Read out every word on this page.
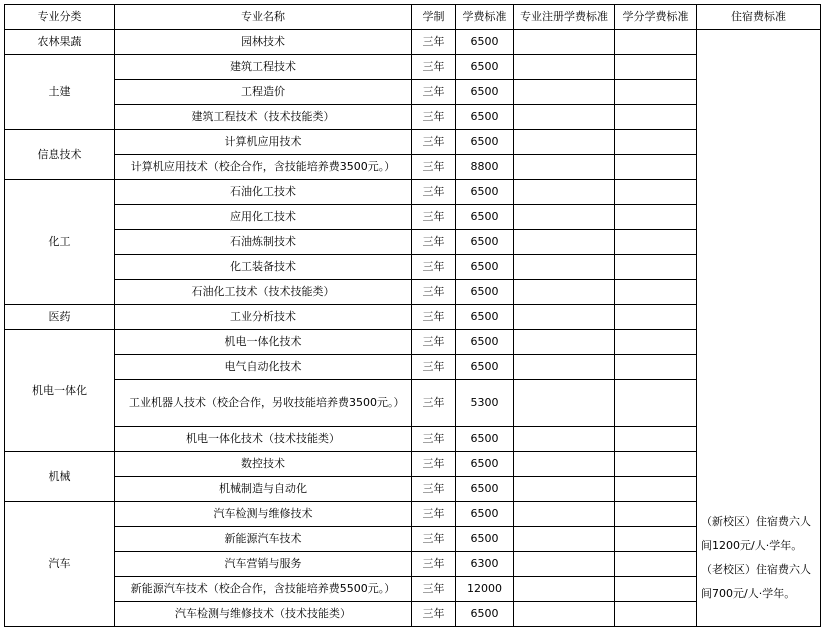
专业分类	专业名称	学制	学费标准	专业注册学费标准	学分学费标准	住宿费标准
农林果蔬	园林技术	三年	6500			（新校区）住宿费六人间1200元/人·学年。
（老校区）住宿费六人间700元/人·学年。

土建	建筑工程技术	三年	6500			
	工程造价	三年	6500			
	建筑工程技术（技术技能类）	三年	6500			
信息技术	计算机应用技术	三年	6500			
	计算机应用技术（校企合作，含技能培养费3500元。）	三年	8800			
化工	石油化工技术	三年	6500			
	应用化工技术	三年	6500			
	石油炼制技术	三年	6500			
	化工装备技术	三年	6500			
	石油化工技术（技术技能类）	三年	6500			
医药	工业分析技术	三年	6500			
机电一体化	机电一体化技术	三年	6500			
	电气自动化技术	三年	6500			
	工业机器人技术（校企合作，另收技能培养费3500元。）	三年	5300			
	机电一体化技术（技术技能类）	三年	6500			
机械	数控技术	三年	6500			
	机械制造与自动化	三年	6500			
汽车	汽车检测与维修技术	三年	6500			
	新能源汽车技术	三年	6500			
	汽车营销与服务	三年	6300			
	新能源汽车技术（校企合作，含技能培养费5500元。）	三年	12000			
	汽车检测与维修技术（技术技能类）	三年	6500			
